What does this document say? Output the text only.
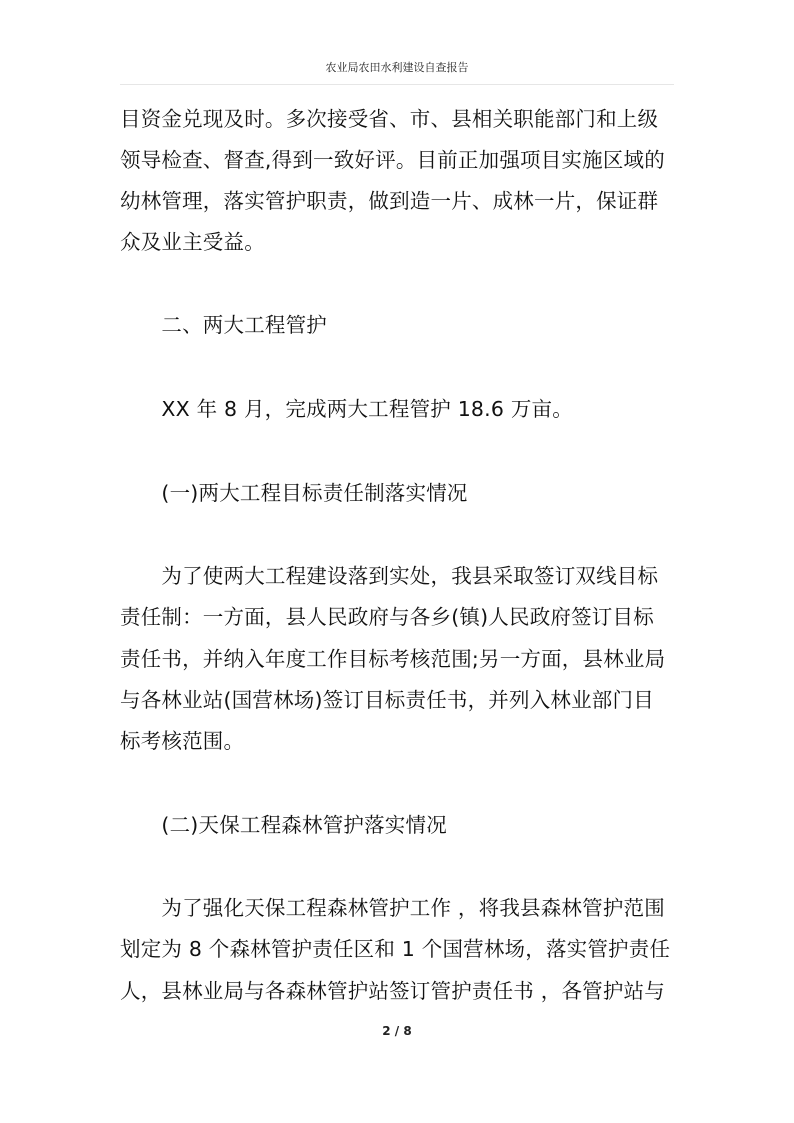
农业局农田水利建设自查报告
目资金兑现及时。多次接受省、市、县相关职能部门和上级
领导检查、督查,得到一致好评。目前正加强项目实施区域的
幼林管理，落实管护职责，做到造一片、成林一片，保证群
众及业主受益。
　　二、两大工程管护
　　XX 年 8 月，完成两大工程管护 18.6 万亩。
　　(一)两大工程目标责任制落实情况
　　为了使两大工程建设落到实处，我县采取签订双线目标
责任制：一方面，县人民政府与各乡(镇)人民政府签订目标
责任书，并纳入年度工作目标考核范围;另一方面，县林业局
与各林业站(国营林场)签订目标责任书，并列入林业部门目
标考核范围。
　　(二)天保工程森林管护落实情况
　　为了强化天保工程森林管护工作 ，将我县森林管护范围
划定为 8 个森林管护责任区和 1 个国营林场，落实管护责任
人，县林业局与各森林管护站签订管护责任书 ，各管护站与
2 / 8
